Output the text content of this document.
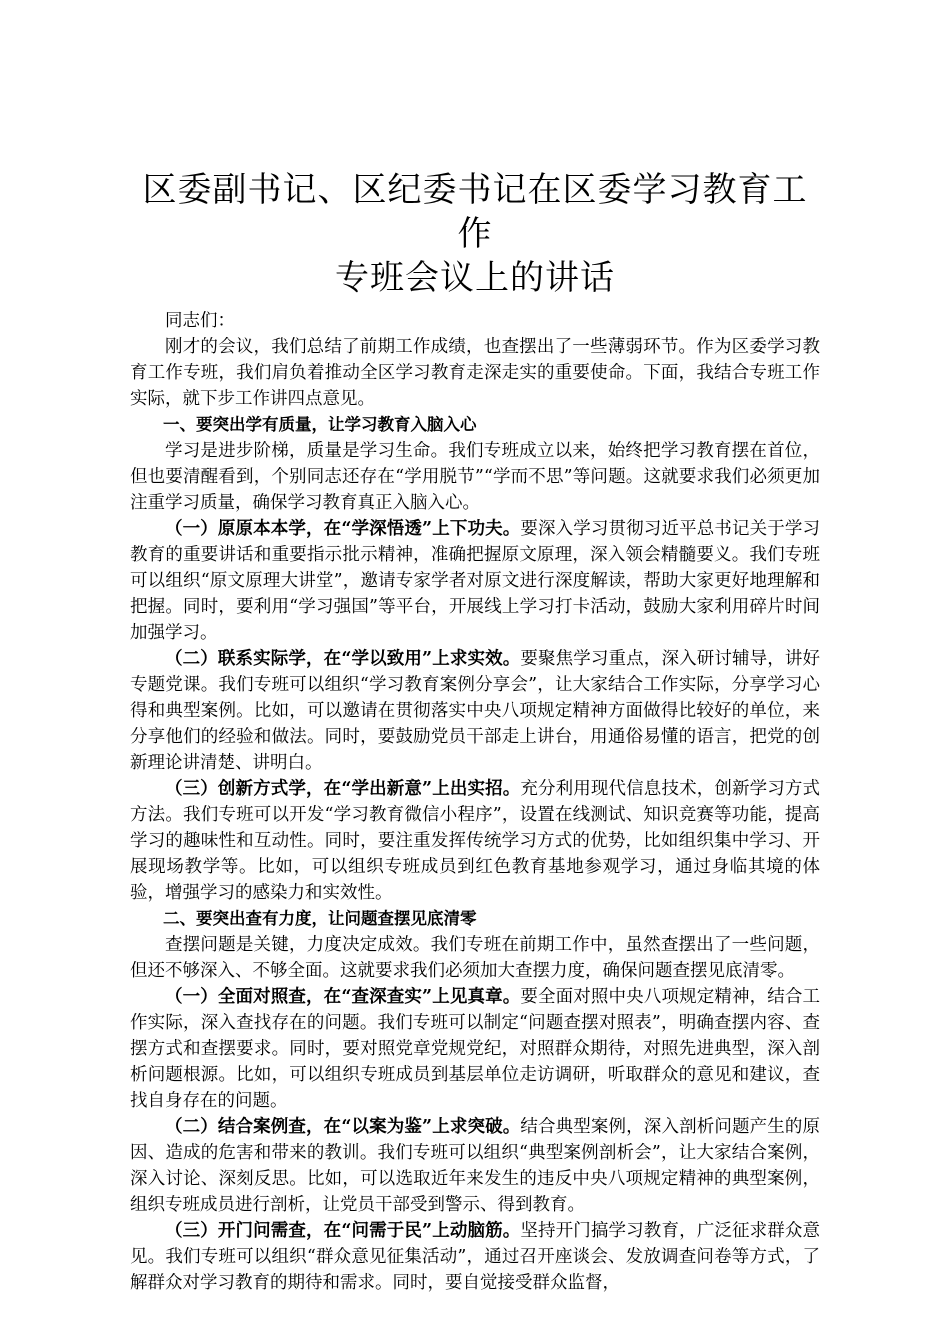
区委副书记、区纪委书记在区委学习教育工作
专班会议上的讲话

同志们：

刚才的会议，我们总结了前期工作成绩，也查摆出了一些薄弱环节。作为区委学习教育工作专班，我们肩负着推动全区学习教育走深走实的重要使命。下面，我结合专班工作实际，就下步工作讲四点意见。

一、要突出学有质量，让学习教育入脑入心

学习是进步阶梯，质量是学习生命。我们专班成立以来，始终把学习教育摆在首位，但也要清醒看到，个别同志还存在“学用脱节”“学而不思”等问题。这就要求我们必须更加注重学习质量，确保学习教育真正入脑入心。

（一）原原本本学，在“学深悟透”上下功夫。要深入学习贯彻习近平总书记关于学习教育的重要讲话和重要指示批示精神，准确把握原文原理，深入领会精髓要义。我们专班可以组织“原文原理大讲堂”，邀请专家学者对原文进行深度解读，帮助大家更好地理解和把握。同时，要利用“学习强国”等平台，开展线上学习打卡活动，鼓励大家利用碎片时间加强学习。

（二）联系实际学，在“学以致用”上求实效。要聚焦学习重点，深入研讨辅导，讲好专题党课。我们专班可以组织“学习教育案例分享会”，让大家结合工作实际，分享学习心得和典型案例。比如，可以邀请在贯彻落实中央八项规定精神方面做得比较好的单位，来分享他们的经验和做法。同时，要鼓励党员干部走上讲台，用通俗易懂的语言，把党的创新理论讲清楚、讲明白。

（三）创新方式学，在“学出新意”上出实招。充分利用现代信息技术，创新学习方式方法。我们专班可以开发“学习教育微信小程序”，设置在线测试、知识竞赛等功能，提高学习的趣味性和互动性。同时，要注重发挥传统学习方式的优势，比如组织集中学习、开展现场教学等。比如，可以组织专班成员到红色教育基地参观学习，通过身临其境的体验，增强学习的感染力和实效性。

二、要突出查有力度，让问题查摆见底清零

查摆问题是关键，力度决定成效。我们专班在前期工作中，虽然查摆出了一些问题，但还不够深入、不够全面。这就要求我们必须加大查摆力度，确保问题查摆见底清零。

（一）全面对照查，在“查深查实”上见真章。要全面对照中央八项规定精神，结合工作实际，深入查找存在的问题。我们专班可以制定“问题查摆对照表”，明确查摆内容、查摆方式和查摆要求。同时，要对照党章党规党纪，对照群众期待，对照先进典型，深入剖析问题根源。比如，可以组织专班成员到基层单位走访调研，听取群众的意见和建议，查找自身存在的问题。

（二）结合案例查，在“以案为鉴”上求突破。结合典型案例，深入剖析问题产生的原因、造成的危害和带来的教训。我们专班可以组织“典型案例剖析会”，让大家结合案例，深入讨论、深刻反思。比如，可以选取近年来发生的违反中央八项规定精神的典型案例，组织专班成员进行剖析，让党员干部受到警示、得到教育。

（三）开门问需查，在“问需于民”上动脑筋。坚持开门搞学习教育，广泛征求群众意见。我们专班可以组织“群众意见征集活动”，通过召开座谈会、发放调查问卷等方式，了解群众对学习教育的期待和需求。同时，要自觉接受群众监督，
